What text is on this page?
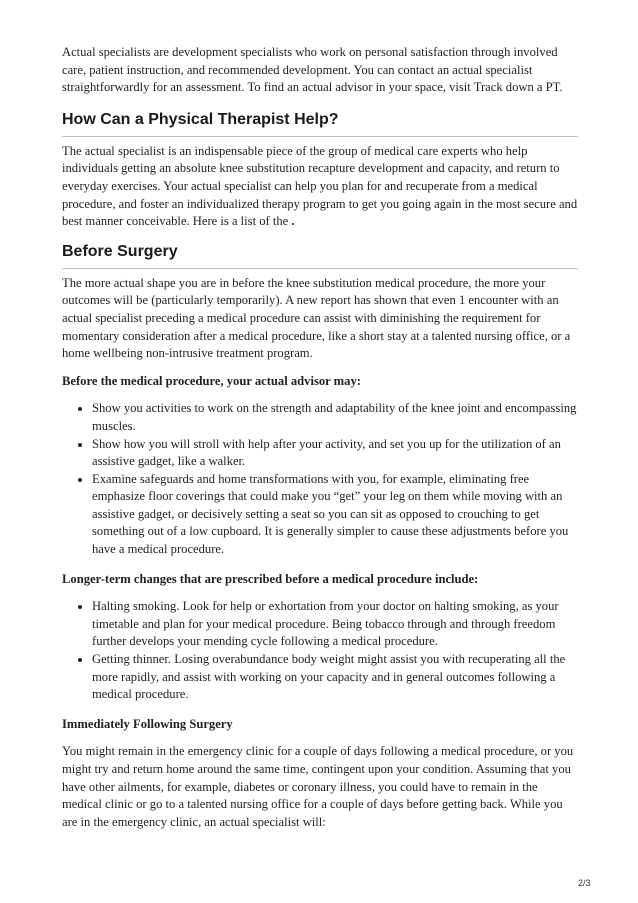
Actual specialists are development specialists who work on personal satisfaction through involved care, patient instruction, and recommended development. You can contact an actual specialist straightforwardly for an assessment. To find an actual advisor in your space, visit Track down a PT.

How Can a Physical Therapist Help?

The actual specialist is an indispensable piece of the group of medical care experts who help individuals getting an absolute knee substitution recapture development and capacity, and return to everyday exercises. Your actual specialist can help you plan for and recuperate from a medical procedure, and foster an individualized therapy program to get you going again in the most secure and best manner conceivable. Here is a list of the .

Before Surgery

The more actual shape you are in before the knee substitution medical procedure, the more your outcomes will be (particularly temporarily). A new report has shown that even 1 encounter with an actual specialist preceding a medical procedure can assist with diminishing the requirement for momentary consideration after a medical procedure, like a short stay at a talented nursing office, or a home wellbeing non-intrusive treatment program.

Before the medical procedure, your actual advisor may:

• Show you activities to work on the strength and adaptability of the knee joint and encompassing muscles.
• Show how you will stroll with help after your activity, and set you up for the utilization of an assistive gadget, like a walker.
• Examine safeguards and home transformations with you, for example, eliminating free emphasize floor coverings that could make you “get” your leg on them while moving with an assistive gadget, or decisively setting a seat so you can sit as opposed to crouching to get something out of a low cupboard. It is generally simpler to cause these adjustments before you have a medical procedure.

Longer-term changes that are prescribed before a medical procedure include:

• Halting smoking. Look for help or exhortation from your doctor on halting smoking, as your timetable and plan for your medical procedure. Being tobacco through and through freedom further develops your mending cycle following a medical procedure.
• Getting thinner. Losing overabundance body weight might assist you with recuperating all the more rapidly, and assist with working on your capacity and in general outcomes following a medical procedure.

Immediately Following Surgery

You might remain in the emergency clinic for a couple of days following a medical procedure, or you might try and return home around the same time, contingent upon your condition. Assuming that you have other ailments, for example, diabetes or coronary illness, you could have to remain in the medical clinic or go to a talented nursing office for a couple of days before getting back. While you are in the emergency clinic, an actual specialist will:

2/3
